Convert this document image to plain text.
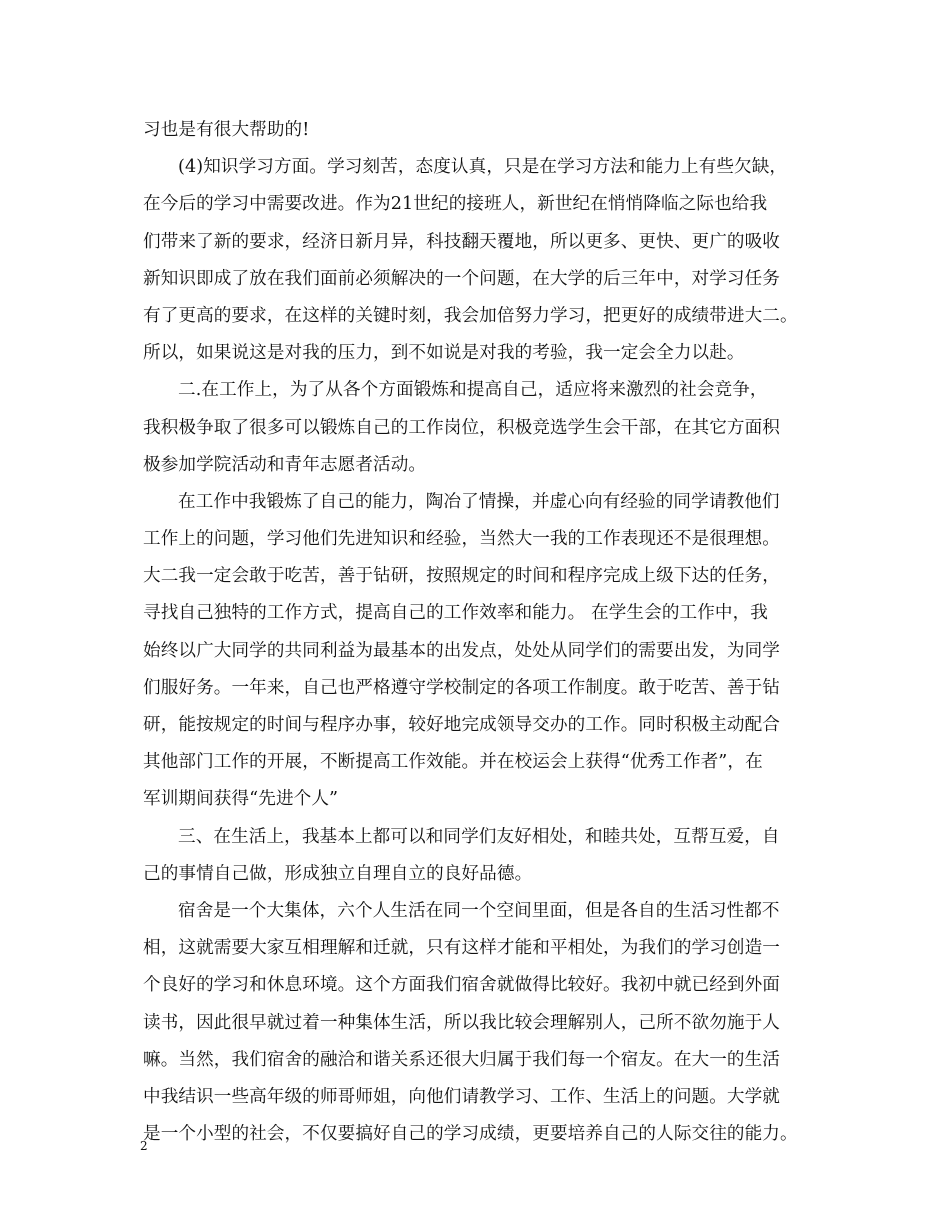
习也是有很大帮助的!
(4)知识学习方面。学习刻苦，态度认真，只是在学习方法和能力上有些欠缺，
在今后的学习中需要改进。作为21世纪的接班人，新世纪在悄悄降临之际也给我
们带来了新的要求，经济日新月异，科技翻天覆地，所以更多、更快、更广的吸收
新知识即成了放在我们面前必须解决的一个问题，在大学的后三年中，对学习任务
有了更高的要求，在这样的关键时刻，我会加倍努力学习，把更好的成绩带进大二。
所以，如果说这是对我的压力，到不如说是对我的考验，我一定会全力以赴。
二.在工作上，为了从各个方面锻炼和提高自己，适应将来激烈的社会竞争，
我积极争取了很多可以锻炼自己的工作岗位，积极竞选学生会干部，在其它方面积
极参加学院活动和青年志愿者活动。
在工作中我锻炼了自己的能力，陶冶了情操，并虚心向有经验的同学请教他们
工作上的问题，学习他们先进知识和经验，当然大一我的工作表现还不是很理想。
大二我一定会敢于吃苦，善于钻研，按照规定的时间和程序完成上级下达的任务，
寻找自己独特的工作方式，提高自己的工作效率和能力。 在学生会的工作中，我
始终以广大同学的共同利益为最基本的出发点，处处从同学们的需要出发，为同学
们服好务。一年来，自己也严格遵守学校制定的各项工作制度。敢于吃苦、善于钻
研，能按规定的时间与程序办事，较好地完成领导交办的工作。同时积极主动配合
其他部门工作的开展，不断提高工作效能。并在校运会上获得“优秀工作者”，在
军训期间获得“先进个人”
三、在生活上，我基本上都可以和同学们友好相处，和睦共处，互帮互爱，自
己的事情自己做，形成独立自理自立的良好品德。
宿舍是一个大集体，六个人生活在同一个空间里面，但是各自的生活习性都不
相，这就需要大家互相理解和迁就，只有这样才能和平相处，为我们的学习创造一
个良好的学习和休息环境。这个方面我们宿舍就做得比较好。我初中就已经到外面
读书，因此很早就过着一种集体生活，所以我比较会理解别人，己所不欲勿施于人
嘛。当然，我们宿舍的融洽和谐关系还很大归属于我们每一个宿友。在大一的生活
中我结识一些高年级的师哥师姐，向他们请教学习、工作、生活上的问题。大学就
是一个小型的社会，不仅要搞好自己的学习成绩，更要培养自己的人际交往的能力。
2
